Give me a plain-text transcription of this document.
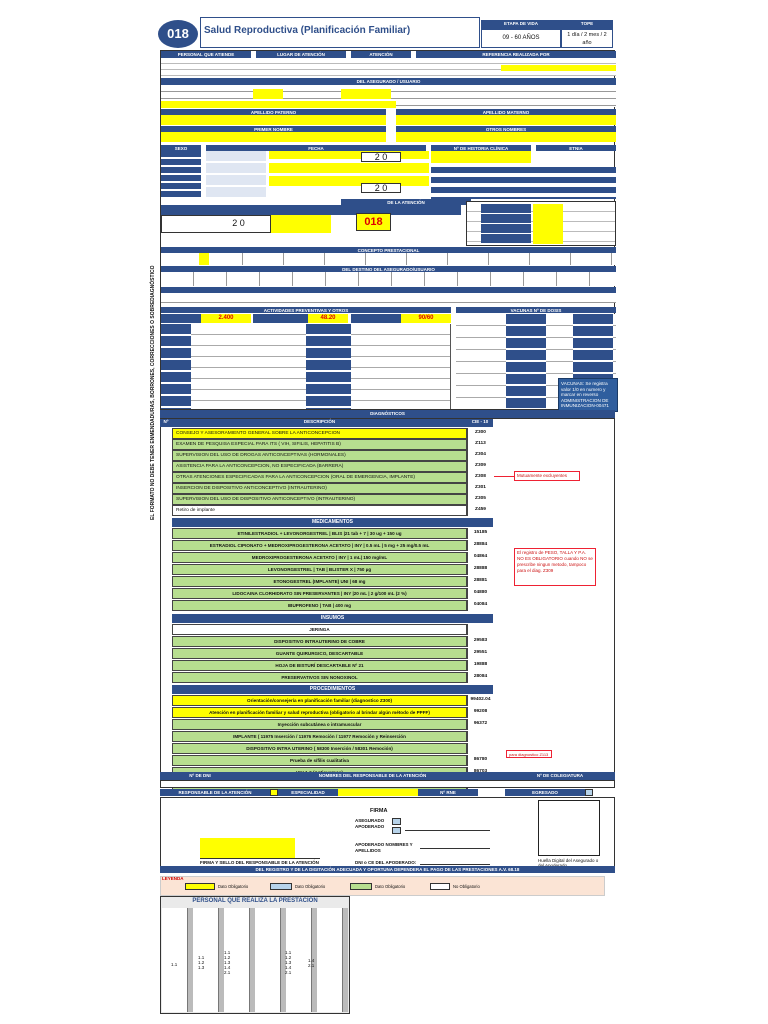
018	Salud Reproductiva (Planificación Familiar)
ETAPA DE VIDA
09 - 60 AÑOS
TOPE
1 día / 2 mes / 2 año
EL FORMATO NO DEBE TENER ENMENDADURAS, BORRONES, CORRECCIONES O SOBREDIAGNÓSTICO
PERSONAL QUE ATIENDE	LUGAR DE ATENCIÓN	ATENCIÓN	REFERENCIA REALIZADA POR
DEL ASEGURADO / USUARIO
APELLIDO PATERNO	APELLIDO MATERNO
PRIMER NOMBRE	OTROS NOMBRES
SEXO	FECHA	Nº DE HISTORIA CLÍNICA	ETNIA
2 0
2 0
DE LA ATENCIÓN
2 0	018
CONCEPTO PRESTACIONAL
DEL DESTINO DEL ASEGURADO/USUARIO
ACTIVIDADES PREVENTIVAS Y OTROS	VACUNAS Nº DE DOSIS
2.400	48.20	90/60
VACUNAS: Se registra valor 1/0 en numero y marcar en reverso ADMINISTRACION DE INMUNIZACION-00471
DIAGNÓSTICOS
Nº	DESCRIPCIÓN	CIE - 10
CONSEJO Y ASESORAMIENTO GENERAL SOBRE LA ANTICONCEPCION	Z300
EXAMEN DE PESQUISA ESPECIAL PARA ITS ( VIH, SIFILIS, HEPATITIS B)	Z113
SUPERVISION DEL USO DE DROGAS ANTICONCEPTIVAS (HORMONALES)	Z304
ASISTENCIA PARA LA ANTICONCEPCION, NO ESPECIFICADA (BARRERA)	Z309
OTRAS ATENCIONES ESPECIFICADAS PARA LA ANTICONCEPCION (ORAL DE EMERGENCIA, IMPLANTE)	Z308
INSERCION DE DISPOSITIVO ANTICONCEPTIVO (INTRAUTERINO)	Z301
SUPERVISION DEL USO DE DISPOSITIVO ANTICONCEPTIVO (INTRAUTERINO)	Z305
Retiro de implante	Z459
MEDICAMENTOS
ETINILESTRADIOL + LEVONORGESTREL | BLIS |21 tab + 7 | 30 ug + 150 ug	15185
ESTRADIOL CIPIONATO + MEDROXIPROGESTERONA ACETATO | INY | 0.5 mL | 5 mg + 25 mg/0.5 mL	28884
MEDROXIPROGESTERONA ACETATO | INY | 1 mL| 150 mg/mL	04864
LEVONORGESTREL | TAB | BLISTER X | 750 µg	28888
ETONOGESTREL (IMPLANTE) UNI | 68 mg	28881
LIDOCAINA CLORHIDRATO SIN PRESERVANTES | INY |20 mL | 2 g/100 mL (2 %)	04880
IBUPROFENO | TAB | 400 mg	04084
INSUMOS
JERINGA
DISPOSITIVO INTRAUTERINO DE COBRE	29583
GUANTE QUIRURGICO, DESCARTABLE	29551
HOJA DE BISTURÍ DESCARTABLE Nº 21	19888
PRESERVATIVOS SIN NONOXINOL	28084
PROCEDIMIENTOS
Orientación/consejería en planificación familiar (diagnostico Z300)	99402.04
Atención en planificación familiar y salud reproductiva (obligatorio al brindar algún método de PPFF)	99208
Inyección subcutánea o intramuscular	96372
IMPLANTE ( 11975 Inserción / 11976 Remoción / 11977 Remoción y Reinserción
DISPOSITIVO INTRA UTERINO ( 58300 Inserción / 58301 Remoción)
Prueba de sífilis cualitativa	86780
Mutuamente excluyentes
El registro de PESO, TALLA Y P.A. NO ES OBLIGATORIO cuando NO se prescribe ningun metodo, tampoco para el diag. Z309
para diagnostico Z113
Nº DE DNI	NOMBRES DEL RESPONSABLE DE LA ATENCIÓN	Nº DE COLEGIATURA
RESPONSABLE DE LA ATENCIÓN	ESPECIALIDAD	Nº RNE	EGRESADO
FIRMA
ASEGURADO APODERADO
APODERADO NOMBRES Y APELLIDOS
DNI o CE DEL APODERADO:
FIRMA Y SELLO DEL RESPONSABLE DE LA ATENCIÓN	Huella Digital del Asegurado o
DEL REGISTRO Y DE LA DIGITACIÓN ADECUADA Y OPORTUNA DEPENDERA EL PAGO DE LAS PRESTACIONES A.V. 68.18
LEYENDA
Dato Obligatorio	Dato Obligatorio	Dato Obligatorio	No Obligatorio
PERSONAL QUE REALIZA LA PRESTACIÓN
1.1
1.1 1.2 1.3
1.1 1.2 1.3 1.4 2.1
1.1 1.2 1.3 1.4 2.1
1.4 2.1
